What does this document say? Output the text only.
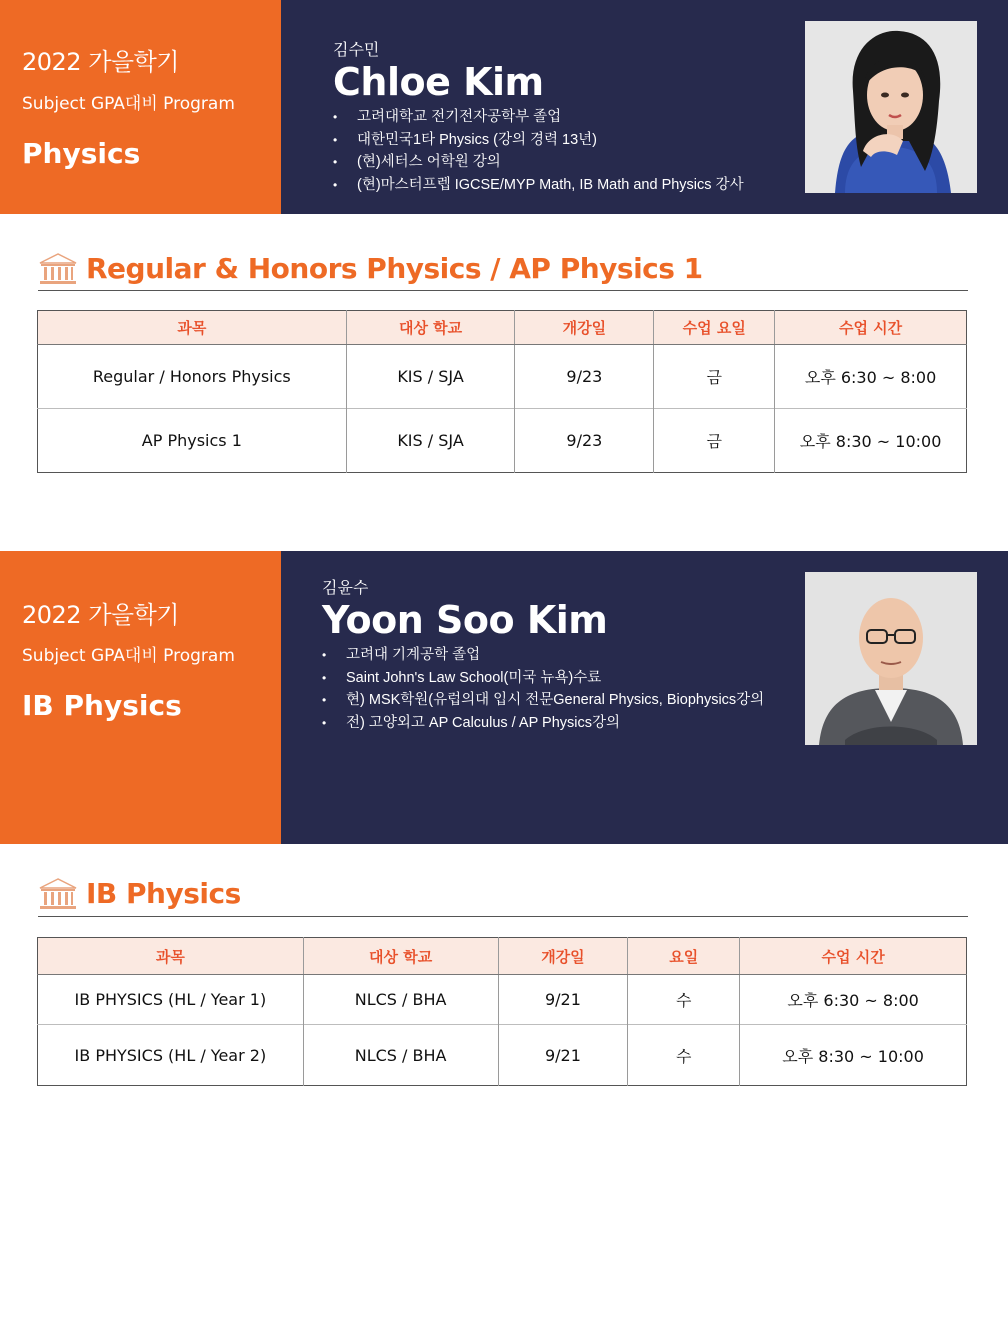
2022 가을학기
Subject GPA대비 Program
Physics
김수민
Chloe Kim
• 고려대학교 전기전자공학부 졸업
• 대한민국1타 Physics (강의 경력 13년)
• (현)세터스 어학원 강의
• (현)마스터프렙 IGCSE/MYP Math, IB Math and Physics 강사
Regular & Honors Physics / AP Physics 1
과목	대상 학교	개강일	수업 요일	수업 시간
Regular / Honors Physics	KIS / SJA	9/23	금	오후 6:30 ~ 8:00
AP Physics 1	KIS / SJA	9/23	금	오후 8:30 ~ 10:00
2022 가을학기
Subject GPA대비 Program
IB Physics
김윤수
Yoon Soo Kim
• 고려대 기계공학 졸업
• Saint John's Law School(미국 뉴욕)수료
• 현) MSK학원(유럽의대 입시 전문General Physics, Biophysics강의
• 전) 고양외고 AP Calculus / AP Physics강의
IB Physics
과목	대상 학교	개강일	요일	수업 시간
IB PHYSICS (HL / Year 1)	NLCS / BHA	9/21	수	오후 6:30 ~ 8:00
IB PHYSICS (HL / Year 2)	NLCS / BHA	9/21	수	오후 8:30 ~ 10:00
